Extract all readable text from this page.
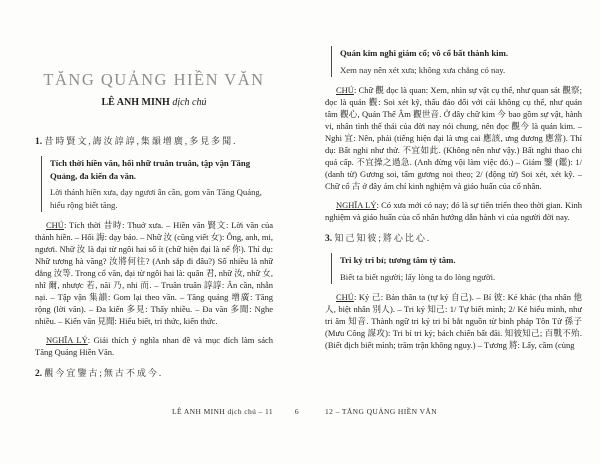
TĂNG QUẢNG HIỀN VĂN

LÊ ANH MINH dịch chú

1. 昔時賢文,誨汝諄諄,集韻增廣,多見多聞.

Tích thời hiền văn, hối nhữ truân truân, tập vận Tăng Quảng, đa kiến đa văn.

Lời thánh hiền xưa, dạy ngươi ân cần, gom văn Tăng Quảng, hiểu rộng biết tăng.

CHÚ: Tích thời 昔時: Thuở xưa. – Hiền văn 賢文: Lời văn của thánh hiền. – Hối 誨: dạy bảo. – Nhữ 汝 (cũng viết 女): Ông, anh, mi, ngươi. Nhữ 汝 là đại từ ngôi hai số ít (chữ hiện đại là nể 你). Thí dụ: Nhữ tương hà vãng? 汝將何往? (Anh sắp đi đâu?) Số nhiều là nhữ đẳng 汝等. Trong cổ văn, đại từ ngôi hai là: quân 君, nhữ 汝, nhữ 女, nhĩ 爾, nhược 若, nãi 乃, nhi 而. – Truân truân 諄諄: Ân cần, nhẫn nại. – Tập vận 集韻: Gom lại theo vần. – Tăng quảng 增廣: Tăng rộng (lời văn). – Đa kiến 多見: Thấy nhiều. – Đa văn 多聞: Nghe nhiều. – Kiến văn 見聞: Hiểu biết, tri thức, kiến thức.

NGHĨA LÝ: Giải thích ý nghĩa nhan đề và mục đích làm sách Tăng Quảng Hiền Văn.

2. 觀今宜鑒古;無古不成今.

Quán kim nghi giám cổ; vô cổ bất thành kim.

Xem nay nên xét xưa; không xưa chẳng có nay.

CHÚ: Chữ 觀 đọc là quan: Xem, nhìn sự vật cụ thể, như quan sát 觀察; đọc là quán 觀: Soi xét kỹ, thấu đáo đối với cái không cụ thể, như quán tâm 觀心, Quán Thế Âm 觀世音. Ở đây chữ kim 今 bao gồm sự vật, hành vi, nhân tình thế thái của đời nay nói chung, nên đọc 觀今 là quán kim. – Nghi 宜: Nên, phải (tiếng hiện đại là ưng cai 應該, ưng đương 應當). Thí dụ: Bất nghi như thử. 不宜如此. (Không nên như vậy.) Bất nghi thao chi quá cấp. 不宜操之過急. (Anh đừng vội làm việc đó.) – Giám 鑒 (鑑): 1/ (danh từ) Gương soi, tấm gương noi theo; 2/ (động từ) Soi xét, xét kỹ. – Chữ cổ 古 ở đây ám chỉ kinh nghiệm và giáo huấn của cổ nhân.

NGHĨA LÝ: Có xưa mới có nay; đó là sự tiến triển theo thời gian. Kinh nghiệm và giáo huấn của cổ nhân hướng dẫn hành vi của người đời nay.

3. 知己知彼;將心比心.

Tri kỷ tri bỉ; tương tâm tỷ tâm.

Biết ta biết người; lấy lòng ta đo lòng người.

CHÚ: Kỷ 己: Bản thân ta (tự kỷ 自己). – Bỉ 彼: Kẻ khác (tha nhân 他人, biệt nhân 別人). – Tri kỷ 知己: 1/ Tự biết mình; 2/ Kẻ hiểu mình, như tri âm 知音. Thành ngữ tri kỷ tri bỉ bắt nguồn từ binh pháp Tôn Tử 孫子 (Mưu Công 謀攻): Tri bỉ tri kỷ; bách chiến bất đãi. 知彼知己; 百戰不殆. (Biết địch biết mình; trăm trận không nguy.) – Tương 將: Lấy, cầm (cùng

LÊ ANH MINH dịch chú – 11	6	12 – TĂNG QUẢNG HIỀN VĂN
